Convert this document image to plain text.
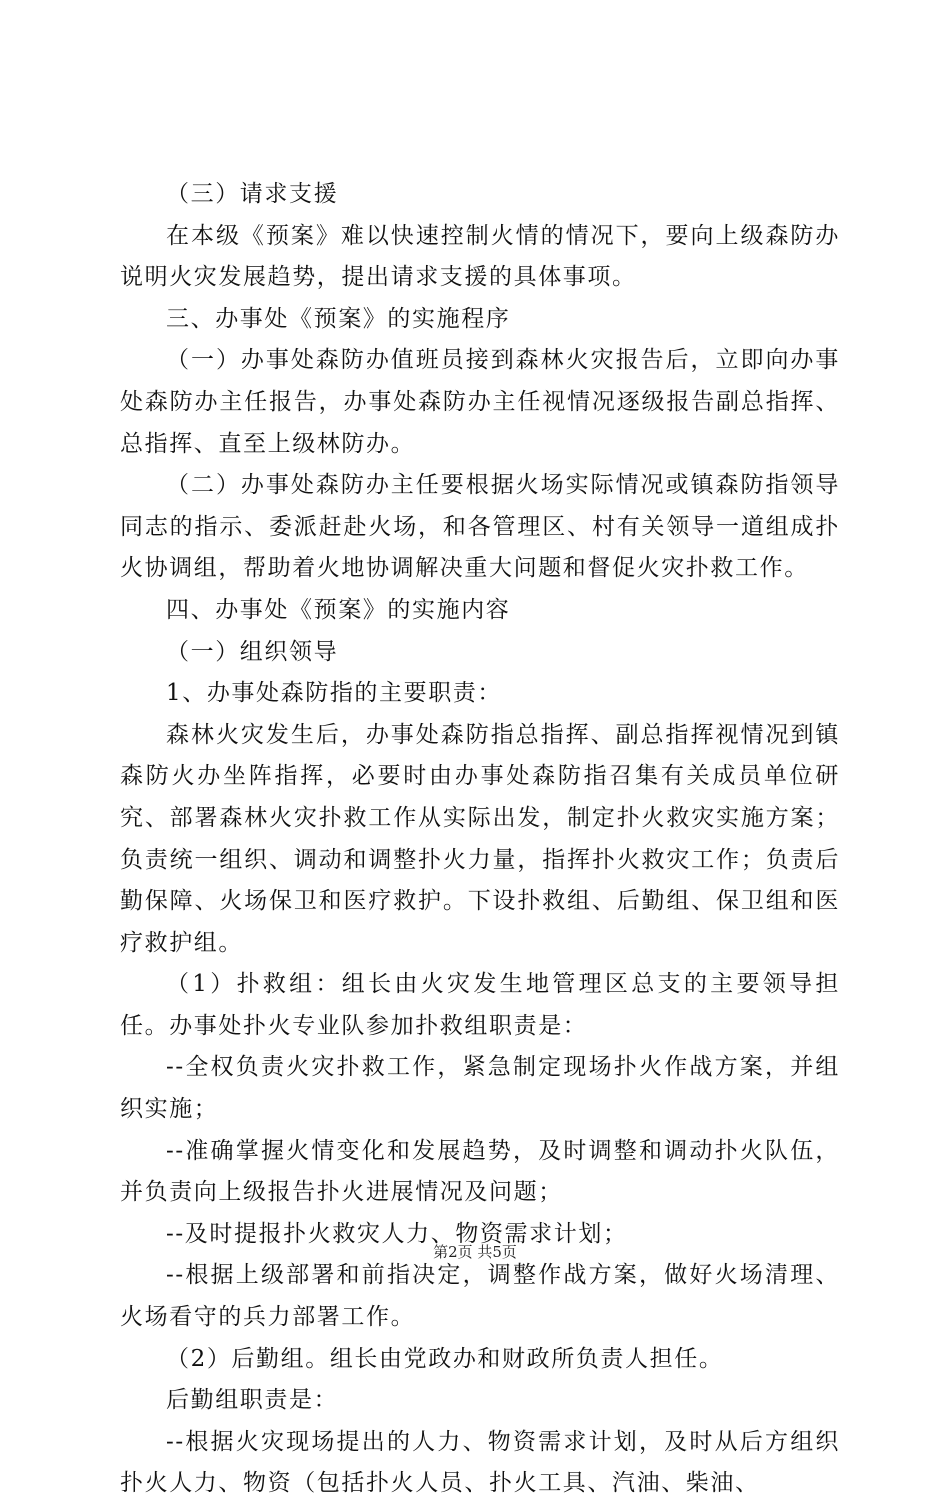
（三）请求支援

在本级《预案》难以快速控制火情的情况下，要向上级森防办说明火灾发展趋势，提出请求支援的具体事项。

三、办事处《预案》的实施程序

（一）办事处森防办值班员接到森林火灾报告后，立即向办事处森防办主任报告，办事处森防办主任视情况逐级报告副总指挥、总指挥、直至上级林防办。

（二）办事处森防办主任要根据火场实际情况或镇森防指领导同志的指示、委派赶赴火场，和各管理区、村有关领导一道组成扑火协调组，帮助着火地协调解决重大问题和督促火灾扑救工作。

四、办事处《预案》的实施内容

（一）组织领导

1、办事处森防指的主要职责：

森林火灾发生后，办事处森防指总指挥、副总指挥视情况到镇森防火办坐阵指挥，必要时由办事处森防指召集有关成员单位研究、部署森林火灾扑救工作从实际出发，制定扑火救灾实施方案；负责统一组织、调动和调整扑火力量，指挥扑火救灾工作；负责后勤保障、火场保卫和医疗救护。下设扑救组、后勤组、保卫组和医疗救护组。

（1）扑救组：组长由火灾发生地管理区总支的主要领导担任。办事处扑火专业队参加扑救组职责是：

--全权负责火灾扑救工作，紧急制定现场扑火作战方案，并组织实施；

--准确掌握火情变化和发展趋势，及时调整和调动扑火队伍，并负责向上级报告扑火进展情况及问题；

--及时提报扑火救灾人力、物资需求计划；

--根据上级部署和前指决定，调整作战方案，做好火场清理、火场看守的兵力部署工作。

（2）后勤组。组长由党政办和财政所负责人担任。

后勤组职责是：

--根据火灾现场提出的人力、物资需求计划，及时从后方组织扑火人力、物资（包括扑火人员、扑火工具、汽油、柴油、

第2页 共5页
